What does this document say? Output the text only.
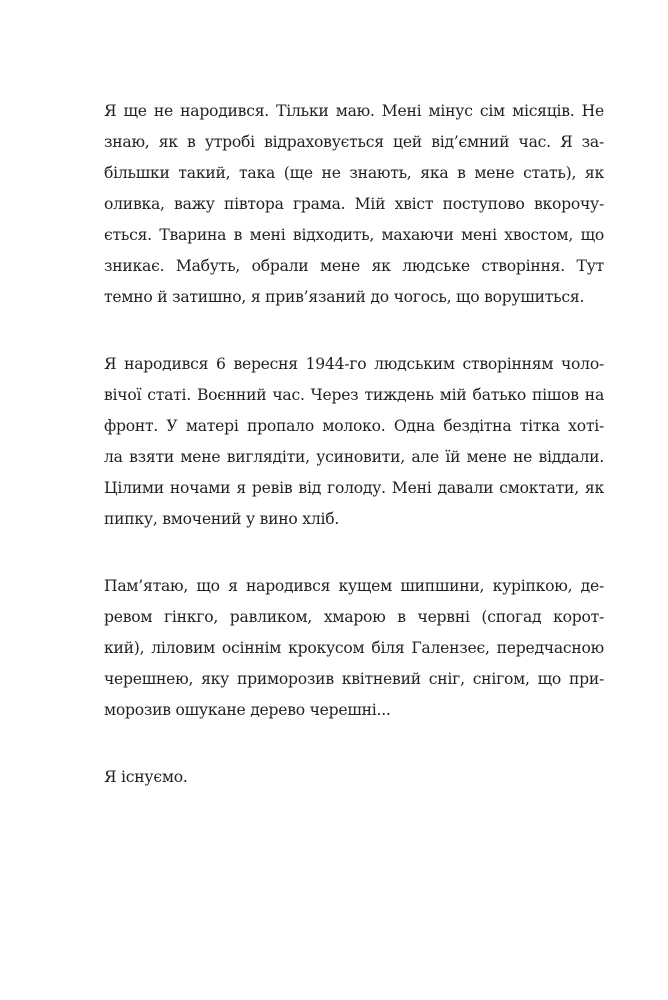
Я ще не народився. Тільки маю. Мені мінус сім місяців. Не
знаю, як в утробі відраховується цей від’ємний час. Я за-
більшки такий, така (ще не знають, яка в мене стать), як
оливка, важу півтора грама. Мій хвіст поступово вкорочу-
ється. Тварина в мені відходить, махаючи мені хвостом, що
зникає. Мабуть, обрали мене як людське створіння. Тут
темно й затишно, я прив’язаний до чогось, що ворушиться.

Я народився 6 вересня 1944-го людським створінням чоло-
вічої статі. Воєнний час. Через тиждень мій батько пішов на
фронт. У матері пропало молоко. Одна бездітна тітка хоті-
ла взяти мене виглядіти, усиновити, але їй мене не віддали.
Цілими ночами я ревів від голоду. Мені давали смоктати, як
пипку, вмочений у вино хліб.

Пам’ятаю, що я народився кущем шипшини, куріпкою, де-
ревом гінкго, равликом, хмарою в червні (спогад корот-
кий), ліловим осіннім крокусом біля Галензеє, передчасною
черешнею, яку приморозив квітневий сніг, снігом, що при-
морозив ошукане дерево черешні...

Я існуємо.
